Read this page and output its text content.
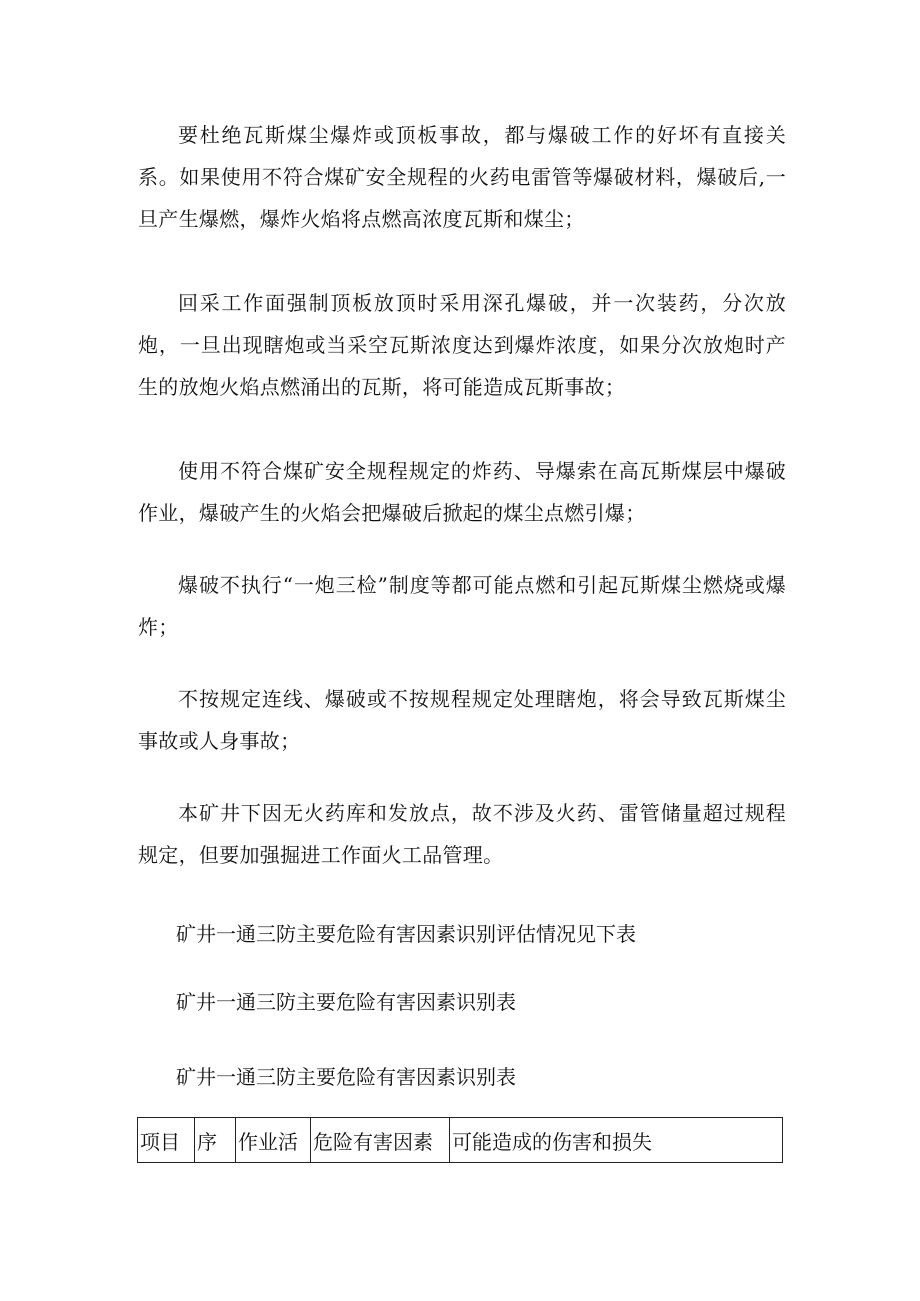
要杜绝瓦斯煤尘爆炸或顶板事故，都与爆破工作的好坏有直接关系。如果使用不符合煤矿安全规程的火药电雷管等爆破材料，爆破后,一旦产生爆燃，爆炸火焰将点燃高浓度瓦斯和煤尘；

回采工作面强制顶板放顶时采用深孔爆破，并一次装药，分次放炮，一旦出现瞎炮或当采空瓦斯浓度达到爆炸浓度，如果分次放炮时产生的放炮火焰点燃涌出的瓦斯，将可能造成瓦斯事故；

使用不符合煤矿安全规程规定的炸药、导爆索在高瓦斯煤层中爆破作业，爆破产生的火焰会把爆破后掀起的煤尘点燃引爆；

爆破不执行“一炮三检”制度等都可能点燃和引起瓦斯煤尘燃烧或爆炸；

不按规定连线、爆破或不按规程规定处理瞎炮，将会导致瓦斯煤尘事故或人身事故；

本矿井下因无火药库和发放点，故不涉及火药、雷管储量超过规程规定，但要加强掘进工作面火工品管理。

矿井一通三防主要危险有害因素识别评估情况见下表

矿井一通三防主要危险有害因素识别表

矿井一通三防主要危险有害因素识别表

项目	序	作业活	危险有害因素	可能造成的伤害和损失
